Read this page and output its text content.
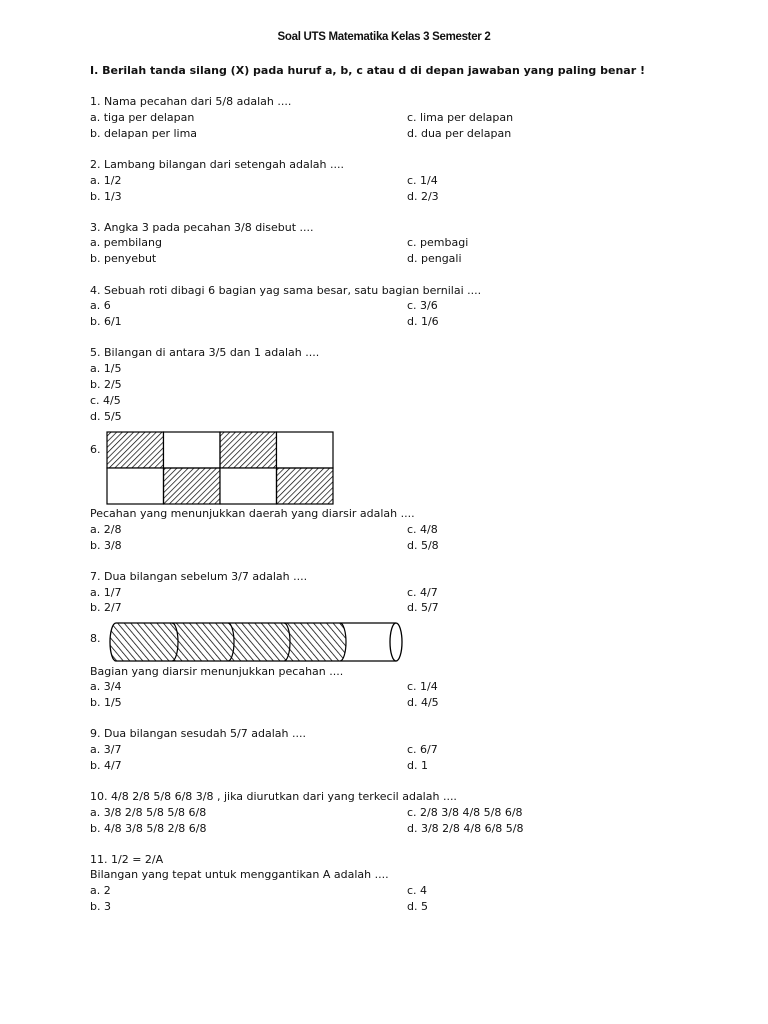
Soal UTS Matematika Kelas 3 Semester 2
I. Berilah tanda silang (X) pada huruf a, b, c atau d di depan jawaban yang paling benar !
1. Nama pecahan dari 5/8 adalah ....
a. tiga per delapan	c. lima per delapan
b. delapan per lima	d. dua per delapan
2. Lambang bilangan dari setengah adalah ....
a. 1/2	c. 1/4
b. 1/3	d. 2/3
3. Angka 3 pada pecahan 3/8 disebut ....
a. pembilang	c. pembagi
b. penyebut	d. pengali
4. Sebuah roti dibagi 6 bagian yag sama besar, satu bagian bernilai ....
a. 6	c. 3/6
b. 6/1	d. 1/6
5. Bilangan di antara 3/5 dan 1 adalah ....
a. 1/5
b. 2/5
c. 4/5
d. 5/5
6.
Pecahan yang menunjukkan daerah yang diarsir adalah ....
a. 2/8	c. 4/8
b. 3/8	d. 5/8
7. Dua bilangan sebelum 3/7 adalah ....
a. 1/7	c. 4/7
b. 2/7	d. 5/7
8.
Bagian yang diarsir menunjukkan pecahan ....
a. 3/4	c. 1/4
b. 1/5	d. 4/5
9. Dua bilangan sesudah 5/7 adalah ....
a. 3/7	c. 6/7
b. 4/7	d. 1
10. 4/8 2/8 5/8 6/8 3/8 , jika diurutkan dari yang terkecil adalah ....
a. 3/8 2/8 5/8 5/8 6/8	c. 2/8 3/8 4/8 5/8 6/8
b. 4/8 3/8 5/8 2/8 6/8	d. 3/8 2/8 4/8 6/8 5/8
11. 1/2 = 2/A
Bilangan yang tepat untuk menggantikan A adalah ....
a. 2	c. 4
b. 3	d. 5
